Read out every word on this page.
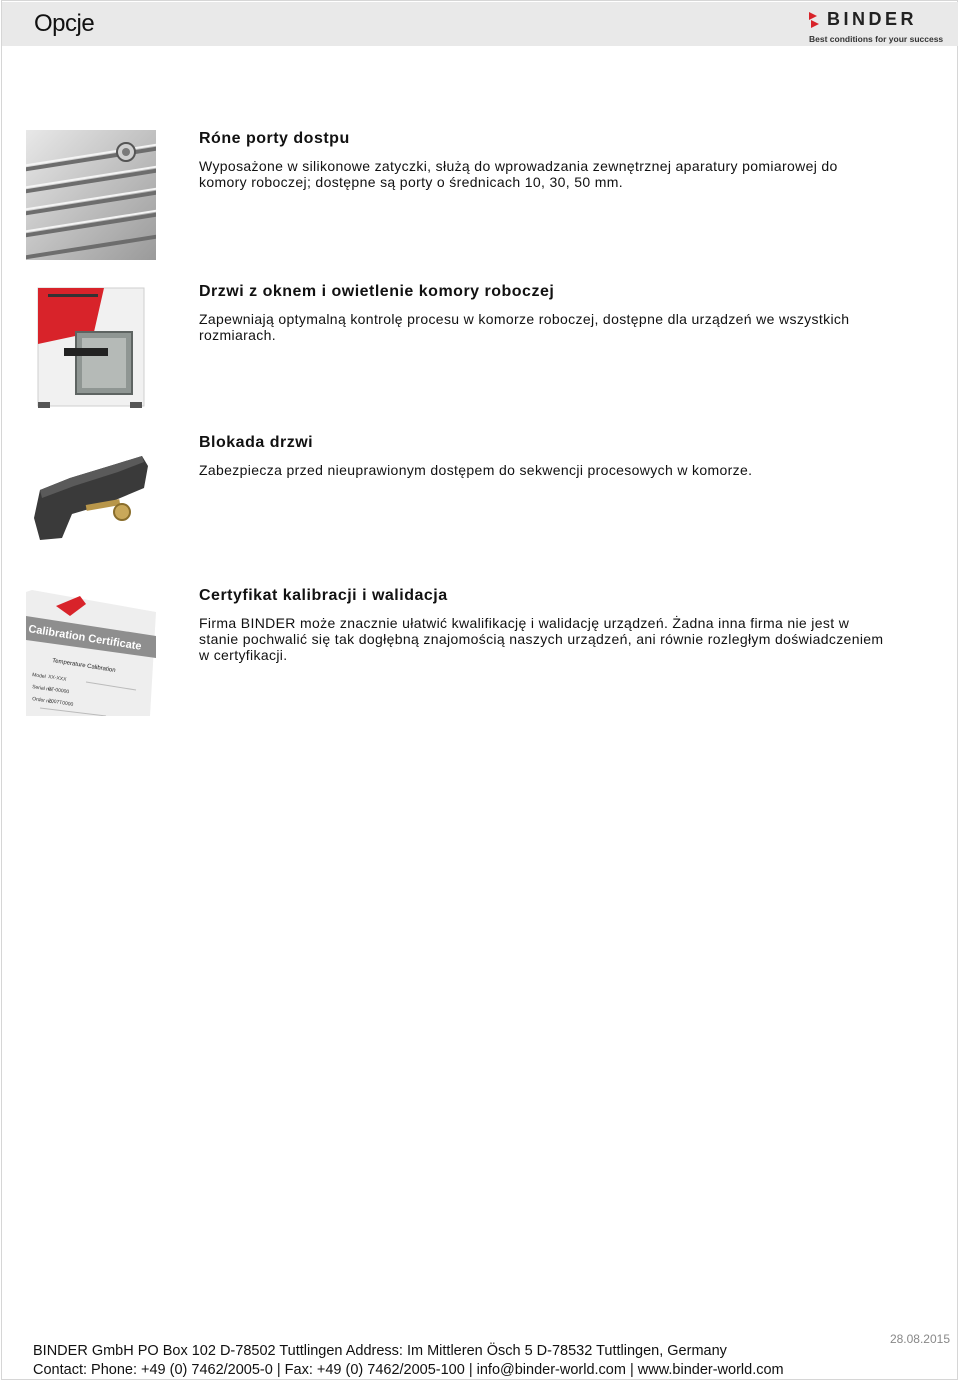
Opcje	BINDER
Best conditions for your success
Róne porty dostpu
Wyposażone w silikonowe zatyczki, służą do wprowadzania zewnętrznej aparatury pomiarowej do komory roboczej; dostępne są porty o średnicach 10, 30, 50 mm.
Drzwi z oknem i owietlenie komory roboczej
Zapewniają optymalną kontrolę procesu w komorze roboczej, dostępne dla urządzeń we wszystkich rozmiarach.
Blokada drzwi
Zabezpiecza przed nieuprawionym dostępem do sekwencji procesowych w komorze.
Calibration Certificate
Temperature Calibration
Model XX-XXX
Serial no.
07-00000
Order no.
2007T0000
Certyfikat kalibracji i walidacja
Firma BINDER może znacznie ułatwić kwalifikację i walidację urządzeń. Żadna inna firma nie jest w stanie pochwalić się tak dogłębną znajomością naszych urządzeń, ani równie rozległym doświadczeniem w certyfikacji.
28.08.2015
BINDER GmbH PO Box 102 D-78502 Tuttlingen Address: Im Mittleren Ösch 5 D-78532 Tuttlingen, Germany
Contact: Phone: +49 (0) 7462/2005-0 | Fax: +49 (0) 7462/2005-100 | info@binder-world.com | www.binder-world.com
